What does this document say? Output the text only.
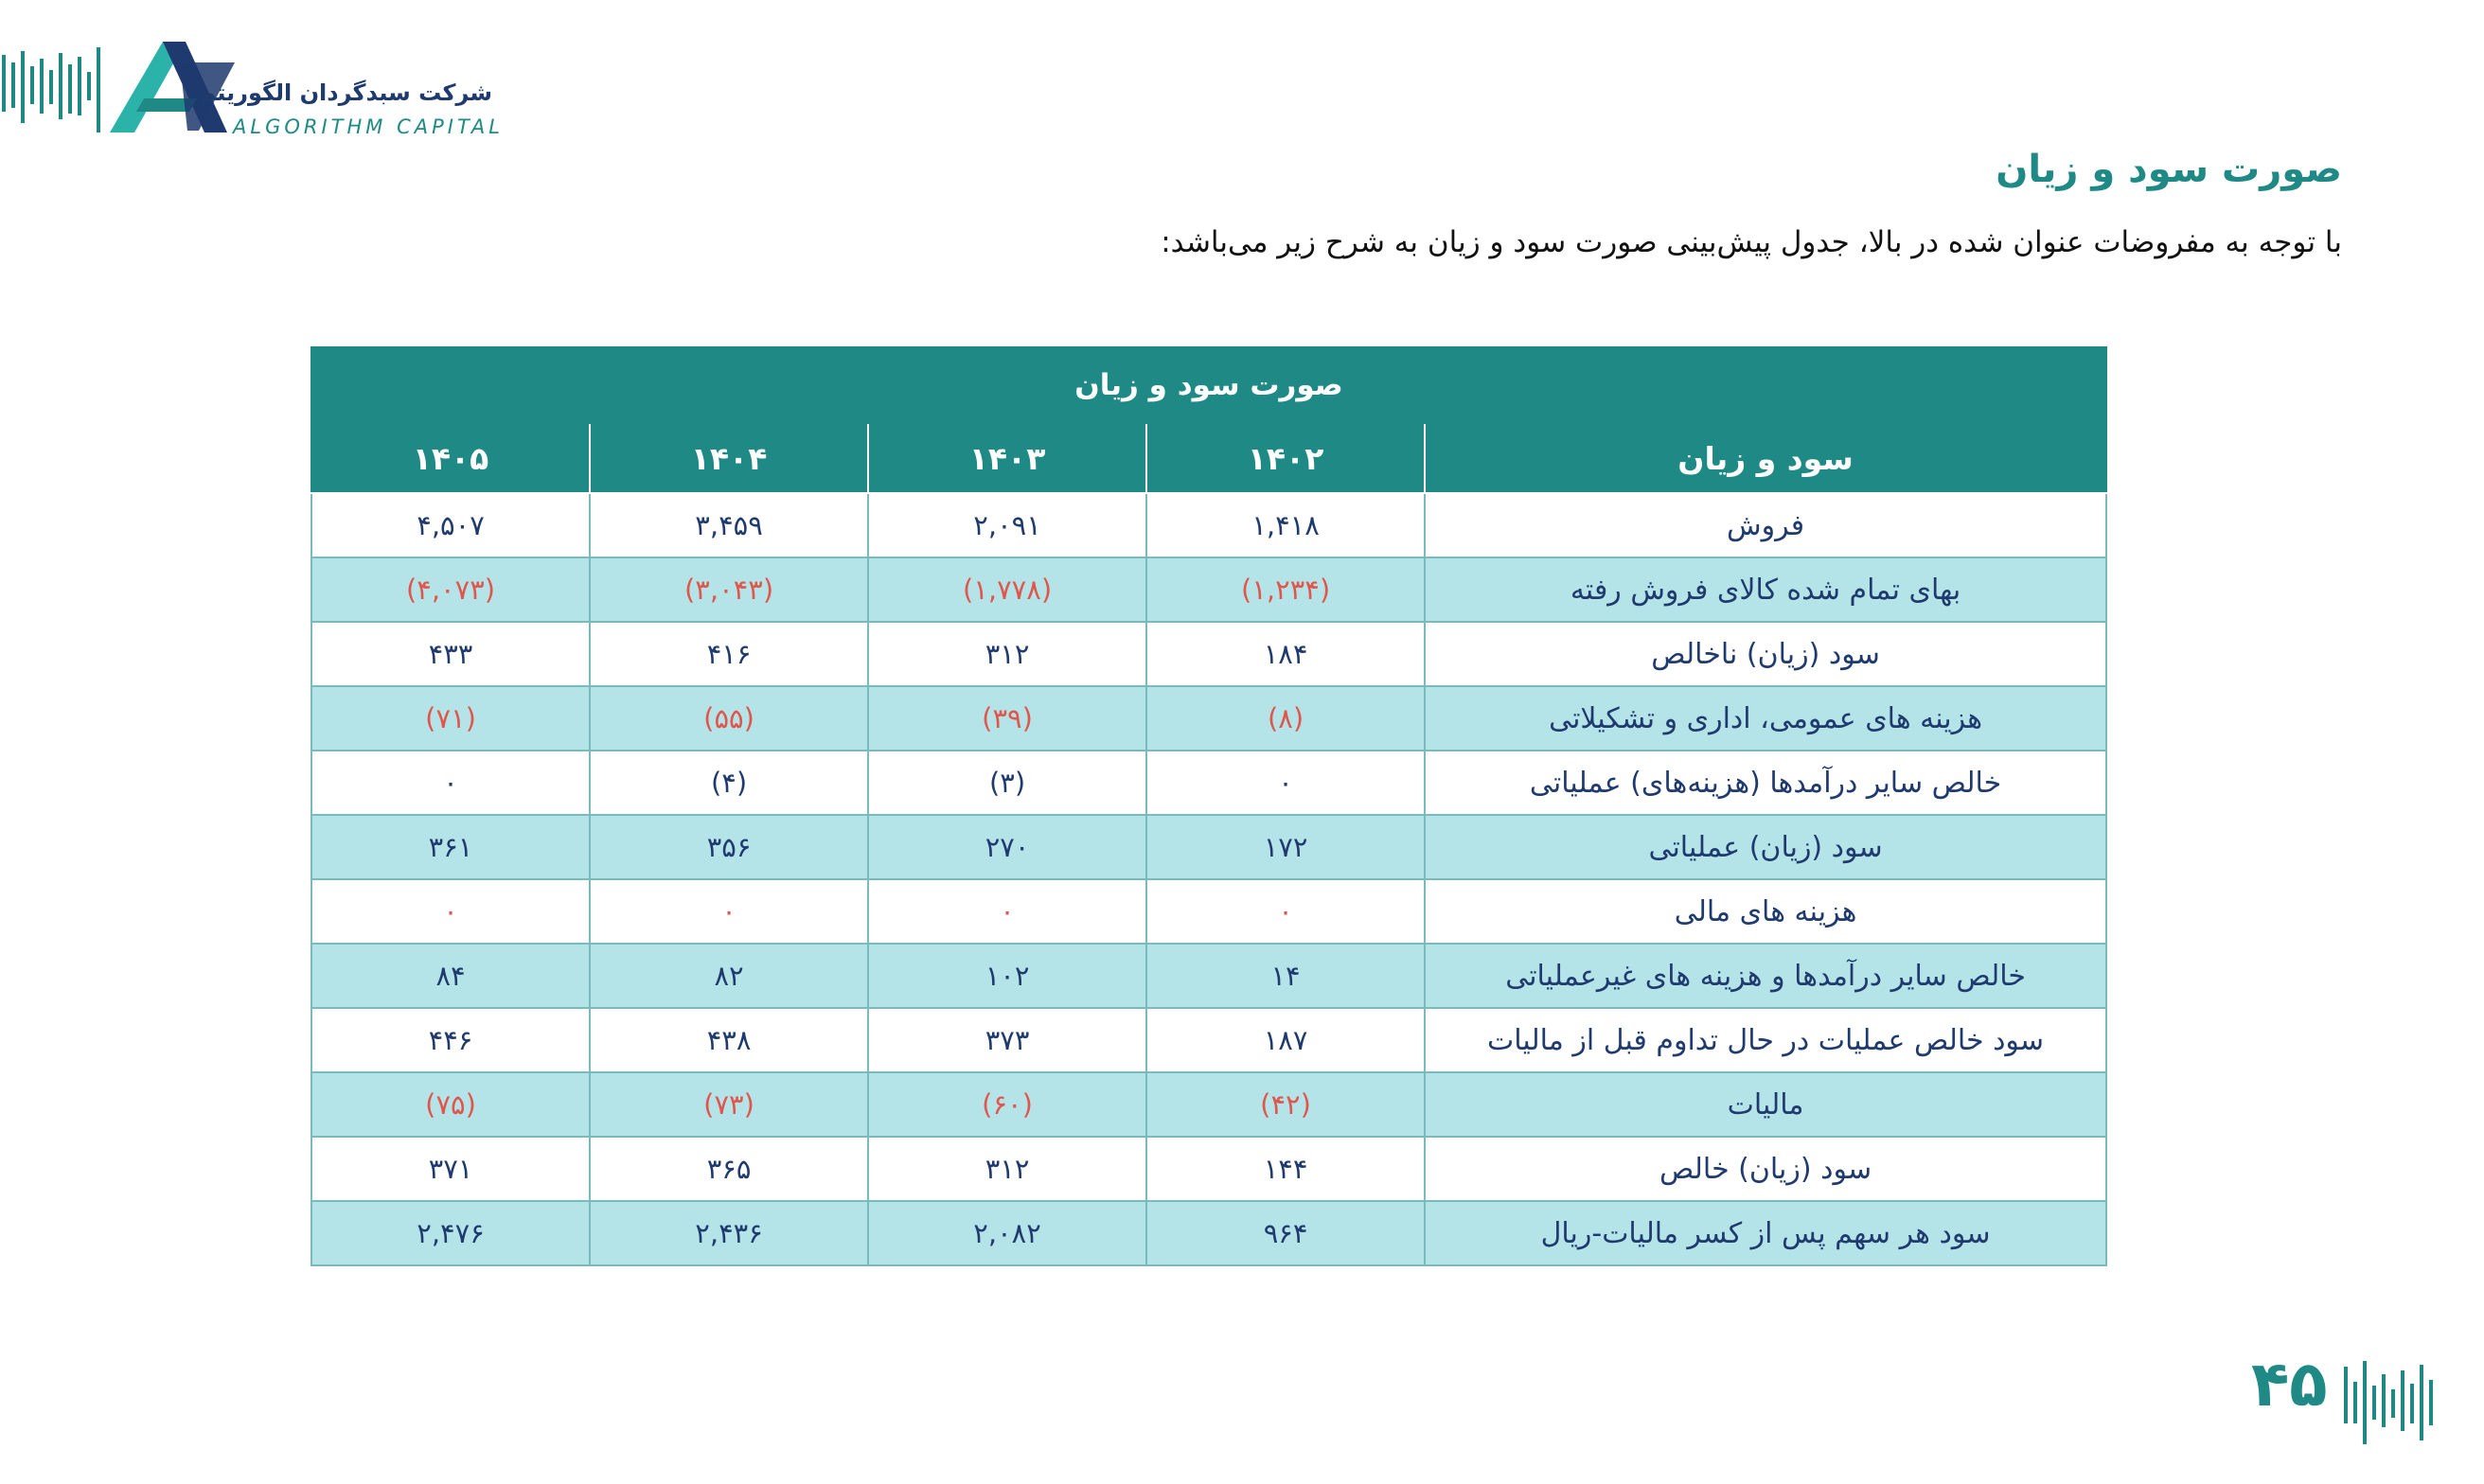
شرکت سبدگردان الگوریتم
ALGORITHM CAPITAL
صورت سود و زیان
با توجه به مفروضات عنوان شده در بالا، جدول پیش‌بینی صورت سود و زیان به شرح زیر می‌باشد:
صورت سود و زیان				
سود و زیان	۱۴۰۲	۱۴۰۳	۱۴۰۴	۱۴۰۵
فروش	۱,۴۱۸	۲,۰۹۱	۳,۴۵۹	۴,۵۰۷
بهای تمام شده کالای فروش رفته	(۱,۲۳۴)	(۱,۷۷۸)	(۳,۰۴۳)	(۴,۰۷۳)
سود (زیان) ناخالص	۱۸۴	۳۱۲	۴۱۶	۴۳۳
هزینه های عمومی، اداری و تشکیلاتی	(۸)	(۳۹)	(۵۵)	(۷۱)
خالص سایر درآمدها (هزینه‌های) عملیاتی	۰	(۳)	(۴)	۰
سود (زیان) عملیاتی	۱۷۲	۲۷۰	۳۵۶	۳۶۱
هزینه های مالی	۰	۰	۰	۰
خالص سایر درآمدها و هزینه های غیرعملیاتی	۱۴	۱۰۲	۸۲	۸۴
سود خالص عملیات در حال تداوم قبل از مالیات	۱۸۷	۳۷۳	۴۳۸	۴۴۶
مالیات	(۴۲)	(۶۰)	(۷۳)	(۷۵)
سود (زیان) خالص	۱۴۴	۳۱۲	۳۶۵	۳۷۱
سود هر سهم پس از کسر مالیات-ریال	۹۶۴	۲,۰۸۲	۲,۴۳۶	۲,۴۷۶
۴۵
